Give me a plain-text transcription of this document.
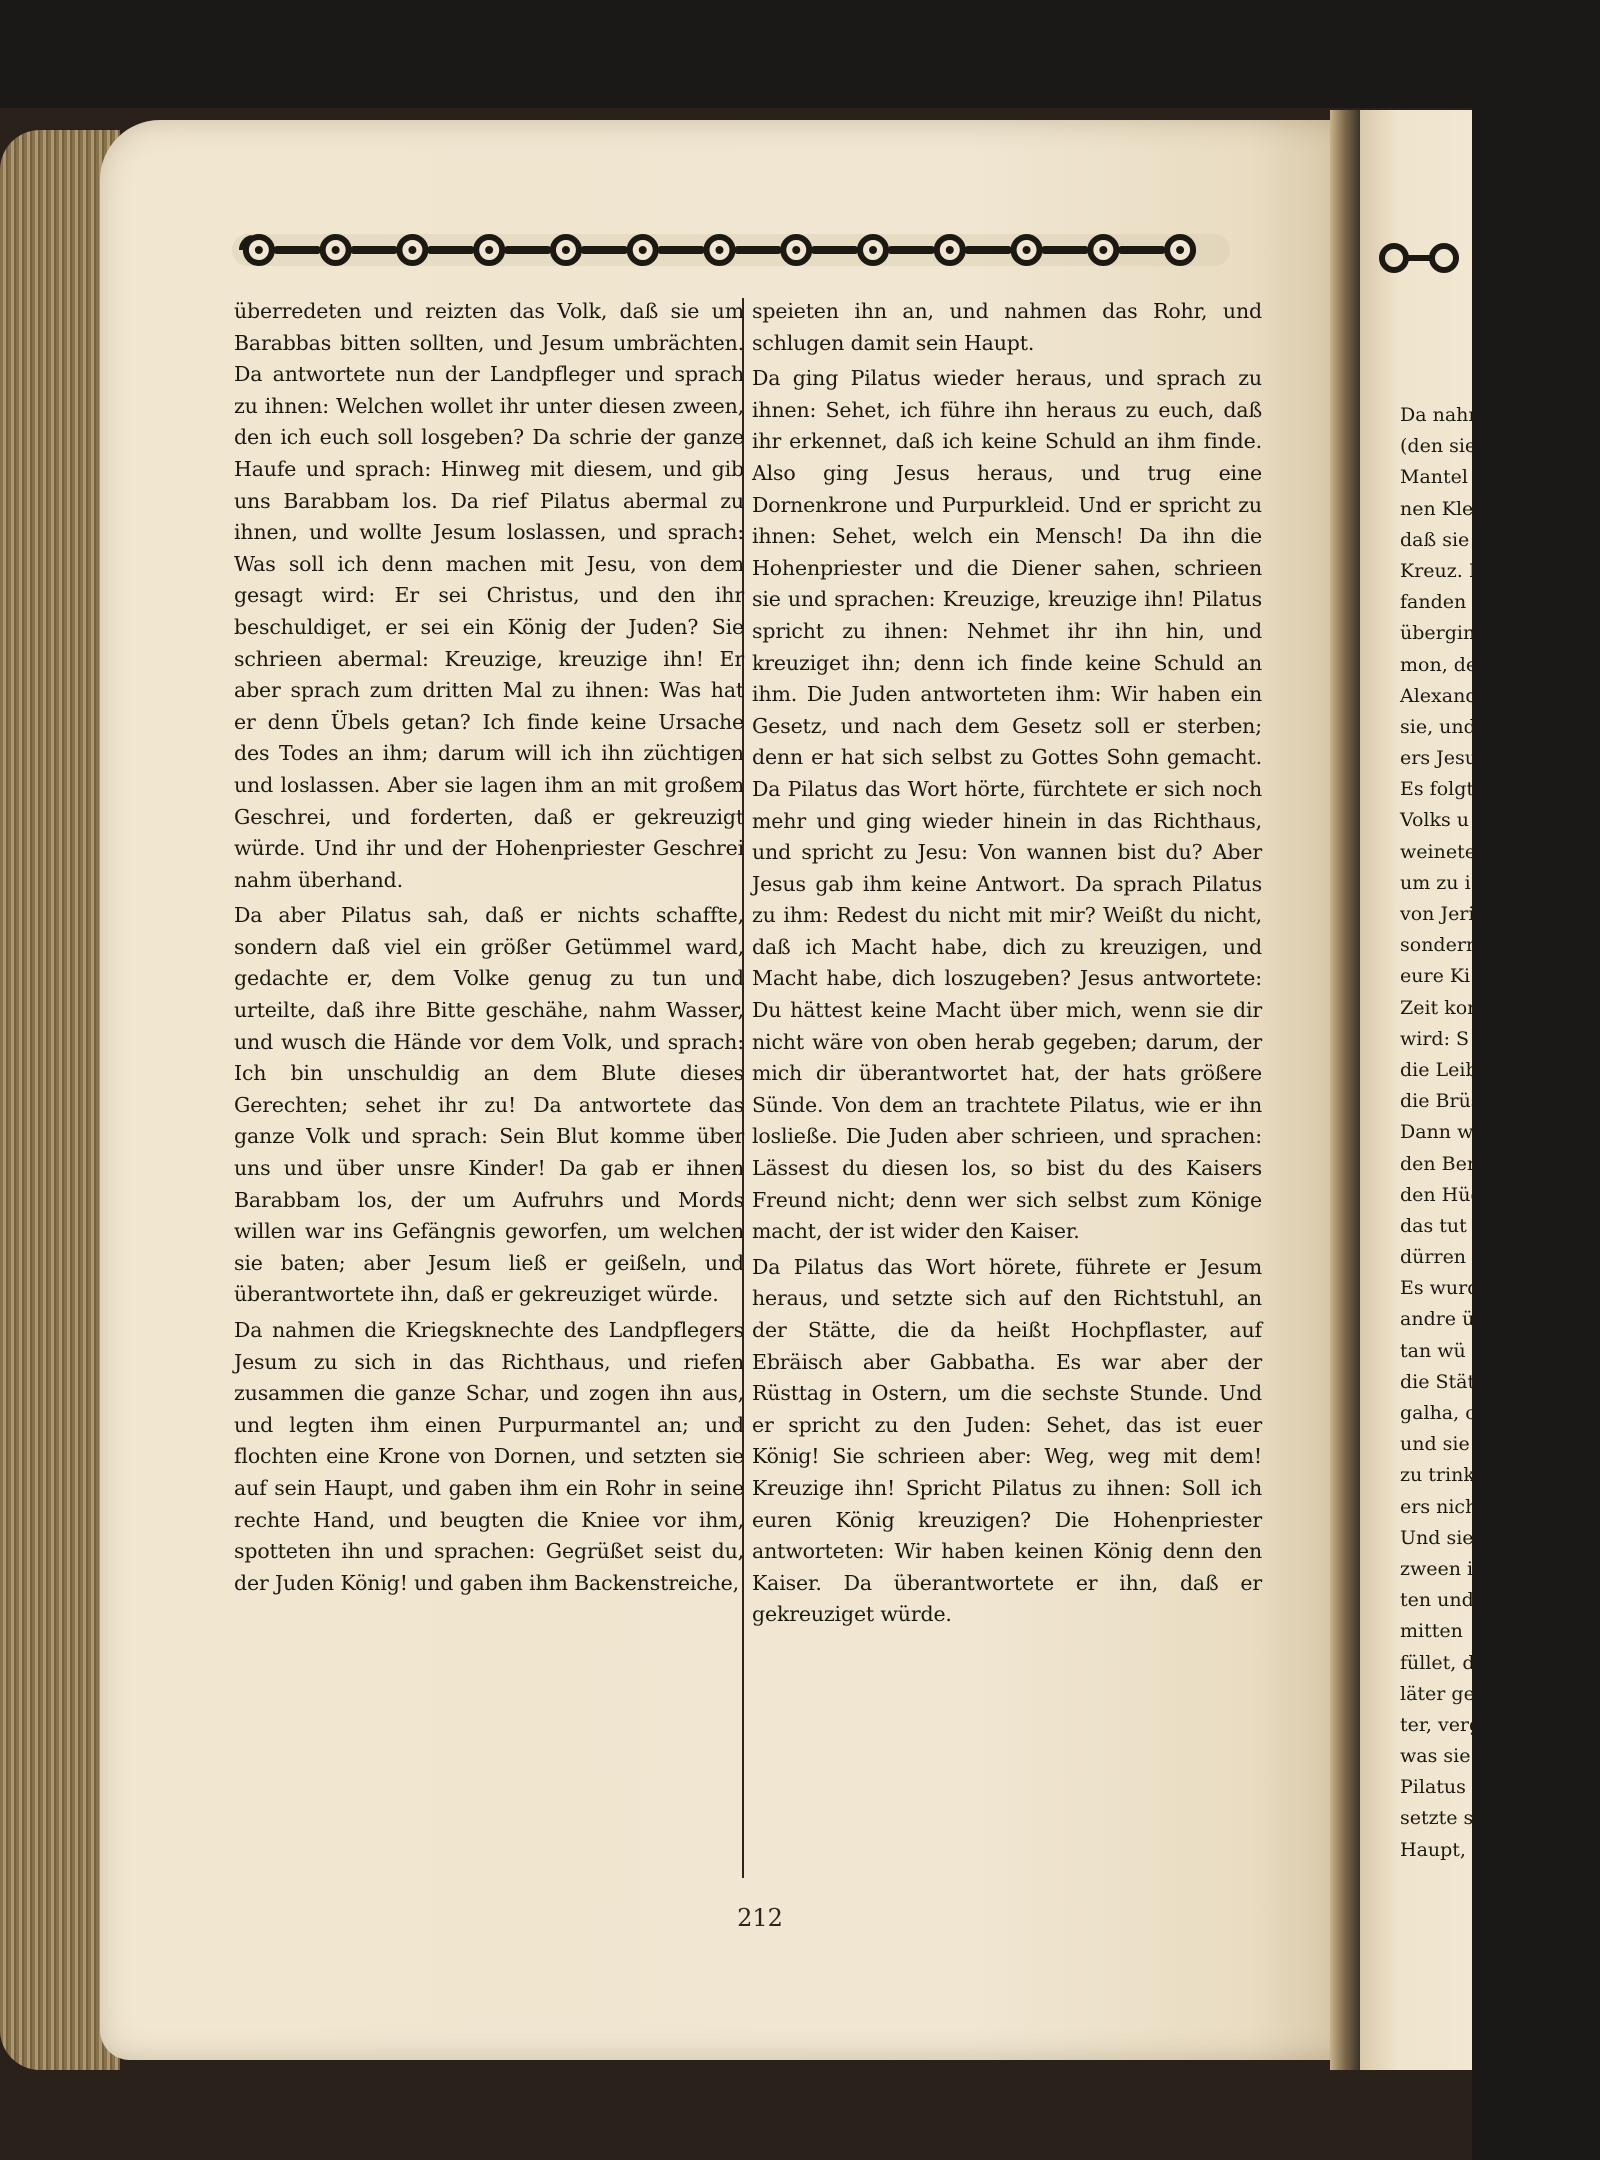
überredeten und reizten das Volk, daß sie um Barabbas bitten sollten, und Jesum umbrächten. Da antwortete nun der Landpfleger und sprach zu ihnen: Welchen wollet ihr unter diesen zween, den ich euch soll losgeben? Da schrie der ganze Haufe und sprach: Hinweg mit diesem, und gib uns Barabbam los. Da rief Pilatus abermal zu ihnen, und wollte Jesum loslassen, und sprach: Was soll ich denn machen mit Jesu, von dem gesagt wird: Er sei Christus, und den ihr beschuldiget, er sei ein König der Juden? Sie schrieen abermal: Kreuzige, kreuzige ihn! Er aber sprach zum dritten Mal zu ihnen: Was hat er denn Übels getan? Ich finde keine Ursache des Todes an ihm; darum will ich ihn züchtigen und loslassen. Aber sie lagen ihm an mit großem Geschrei, und forderten, daß er gekreuzigt würde. Und ihr und der Hohenpriester Geschrei nahm überhand.

Da aber Pilatus sah, daß er nichts schaffte, sondern daß viel ein größer Getümmel ward, gedachte er, dem Volke genug zu tun und urteilte, daß ihre Bitte geschähe, nahm Wasser, und wusch die Hände vor dem Volk, und sprach: Ich bin unschuldig an dem Blute dieses Gerechten; sehet ihr zu! Da antwortete das ganze Volk und sprach: Sein Blut komme über uns und über unsre Kinder! Da gab er ihnen Barabbam los, der um Aufruhrs und Mords willen war ins Gefängnis geworfen, um welchen sie baten; aber Jesum ließ er geißeln, und überantwortete ihn, daß er gekreuziget würde.

Da nahmen die Kriegsknechte des Landpflegers Jesum zu sich in das Richthaus, und riefen zusammen die ganze Schar, und zogen ihn aus, und legten ihm einen Purpurmantel an; und flochten eine Krone von Dornen, und setzten sie auf sein Haupt, und gaben ihm ein Rohr in seine rechte Hand, und beugten die Kniee vor ihm, spotteten ihn und sprachen: Gegrüßet seist du, der Juden König! und gaben ihm Backenstreiche,

speieten ihn an, und nahmen das Rohr, und schlugen damit sein Haupt.

Da ging Pilatus wieder heraus, und sprach zu ihnen: Sehet, ich führe ihn heraus zu euch, daß ihr erkennet, daß ich keine Schuld an ihm finde. Also ging Jesus heraus, und trug eine Dornenkrone und Purpurkleid. Und er spricht zu ihnen: Sehet, welch ein Mensch! Da ihn die Hohenpriester und die Diener sahen, schrieen sie und sprachen: Kreuzige, kreuzige ihn! Pilatus spricht zu ihnen: Nehmet ihr ihn hin, und kreuziget ihn; denn ich finde keine Schuld an ihm. Die Juden antworteten ihm: Wir haben ein Gesetz, und nach dem Gesetz soll er sterben; denn er hat sich selbst zu Gottes Sohn gemacht. Da Pilatus das Wort hörte, fürchtete er sich noch mehr und ging wieder hinein in das Richthaus, und spricht zu Jesu: Von wannen bist du? Aber Jesus gab ihm keine Antwort. Da sprach Pilatus zu ihm: Redest du nicht mit mir? Weißt du nicht, daß ich Macht habe, dich zu kreuzigen, und Macht habe, dich loszugeben? Jesus antwortete: Du hättest keine Macht über mich, wenn sie dir nicht wäre von oben herab gegeben; darum, der mich dir überantwortet hat, der hats größere Sünde. Von dem an trachtete Pilatus, wie er ihn losließe. Die Juden aber schrieen, und sprachen: Lässest du diesen los, so bist du des Kaisers Freund nicht; denn wer sich selbst zum Könige macht, der ist wider den Kaiser.

Da Pilatus das Wort hörete, führete er Jesum heraus, und setzte sich auf den Richtstuhl, an der Stätte, die da heißt Hochpflaster, auf Ebräisch aber Gabbatha. Es war aber der Rüsttag in Ostern, um die sechste Stunde. Und er spricht zu den Juden: Sehet, das ist euer König! Sie schrieen aber: Weg, weg mit dem! Kreuzige ihn! Spricht Pilatus zu ihnen: Soll ich euren König kreuzigen? Die Hohenpriester antworteten: Wir haben keinen König denn den Kaiser. Da überantwortete er ihn, daß er gekreuziget würde.

212
Da nahr
(den sie
Mantel a
nen Klei
daß sie il
Kreuz. I
fanden
übergin
mon, de
Alexand
sie, und
ers Jesu
Es folgt
Volks u
weinete
um zu i
von Jeri
sondern
eure Ki
Zeit kor
wird: S
die Leibe
die Brüs
Dann w
den Berg
den Hüg
das tut
dürren
Es wurd
andre ü
tan wü
die Stät
galha, c
und sie
zu trink
ers nich
Und sie
zween i
ten und
mitten
füllet, d
läter ge
ter, verg
was sie
Pilatus a
setzte sie
Haupt, a
